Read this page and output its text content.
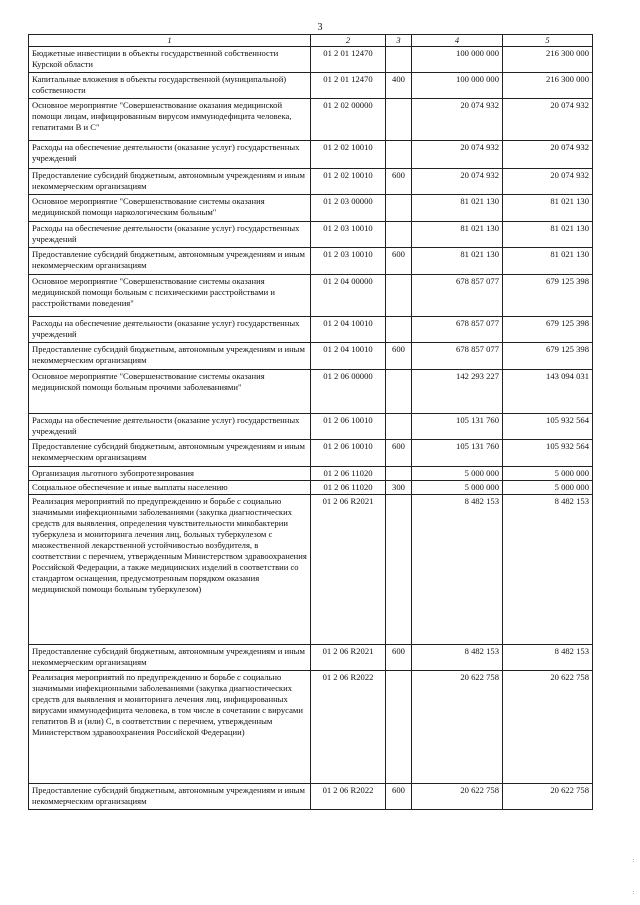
3
1	2	3	4	5
Бюджетные инвестиции в объекты государственной собственности Курской области	01 2 01 12470		100 000 000	216 300 000
Капитальные вложения в объекты государственной (муниципальной) собственности	01 2 01 12470	400	100 000 000	216 300 000
Основное мероприятие "Совершенствование оказания медицинской помощи лицам, инфицированным вирусом иммунодефицита человека, гепатитами В и С"	01 2 02 00000		20 074 932	20 074 932
Расходы на обеспечение деятельности (оказание услуг) государственных учреждений	01 2 02 10010		20 074 932	20 074 932
Предоставление субсидий бюджетным, автономным учреждениям и иным некоммерческим организациям	01 2 02 10010	600	20 074 932	20 074 932
Основное мероприятие "Совершенствование системы оказания медицинской помощи наркологическим больным"	01 2 03 00000		81 021 130	81 021 130
Расходы на обеспечение деятельности (оказание услуг) государственных учреждений	01 2 03 10010		81 021 130	81 021 130
Предоставление субсидий бюджетным, автономным учреждениям и иным некоммерческим организациям	01 2 03 10010	600	81 021 130	81 021 130
Основное мероприятие "Совершенствование системы оказания медицинской помощи больным с психическими расстройствами и расстройствами поведения"	01 2 04 00000		678 857 077	679 125 398
Расходы на обеспечение деятельности (оказание услуг) государственных учреждений	01 2 04 10010		678 857 077	679 125 398
Предоставление субсидий бюджетным, автономным учреждениям и иным некоммерческим организациям	01 2 04 10010	600	678 857 077	679 125 398
Основное мероприятие "Совершенствование системы оказания медицинской помощи больным прочими заболеваниями"	01 2 06 00000		142 293 227	143 094 031
Расходы на обеспечение деятельности (оказание услуг) государственных учреждений	01 2 06 10010		105 131 760	105 932 564
Предоставление субсидий бюджетным, автономным учреждениям и иным некоммерческим организациям	01 2 06 10010	600	105 131 760	105 932 564
Организация льготного зубопротезирования	01 2 06 11020		5 000 000	5 000 000
Социальное обеспечение и иные выплаты населению	01 2 06 11020	300	5 000 000	5 000 000
Реализация мероприятий по предупреждению и борьбе с социально значимыми инфекционными заболеваниями (закупка диагностических средств для выявления, определения чувствительности микобактерии туберкулеза и мониторинга лечения лиц, больных туберкулезом с множественной лекарственной устойчивостью возбудителя, в соответствии с перечнем, утвержденным Министерством здравоохранения Российской Федерации, а также медицинских изделий в соответствии со стандартом оснащения, предусмотренным порядком оказания медицинской помощи больным туберкулезом)	01 2 06 R2021		8 482 153	8 482 153
Предоставление субсидий бюджетным, автономным учреждениям и иным некоммерческим организациям	01 2 06 R2021	600	8 482 153	8 482 153
Реализация мероприятий по предупреждению и борьбе с социально значимыми инфекционными заболеваниями (закупка диагностических средств для выявления и мониторинга лечения лиц, инфицированных вирусами иммунодефицита человека, в том числе в сочетании с вирусами гепатитов В и (или) С, в соответствии с перечнем, утвержденным Министерством здравоохранения Российской Федерации)	01 2 06 R2022		20 622 758	20 622 758
Предоставление субсидий бюджетным, автономным учреждениям и иным некоммерческим организациям	01 2 06 R2022	600	20 622 758	20 622 758
:
:
